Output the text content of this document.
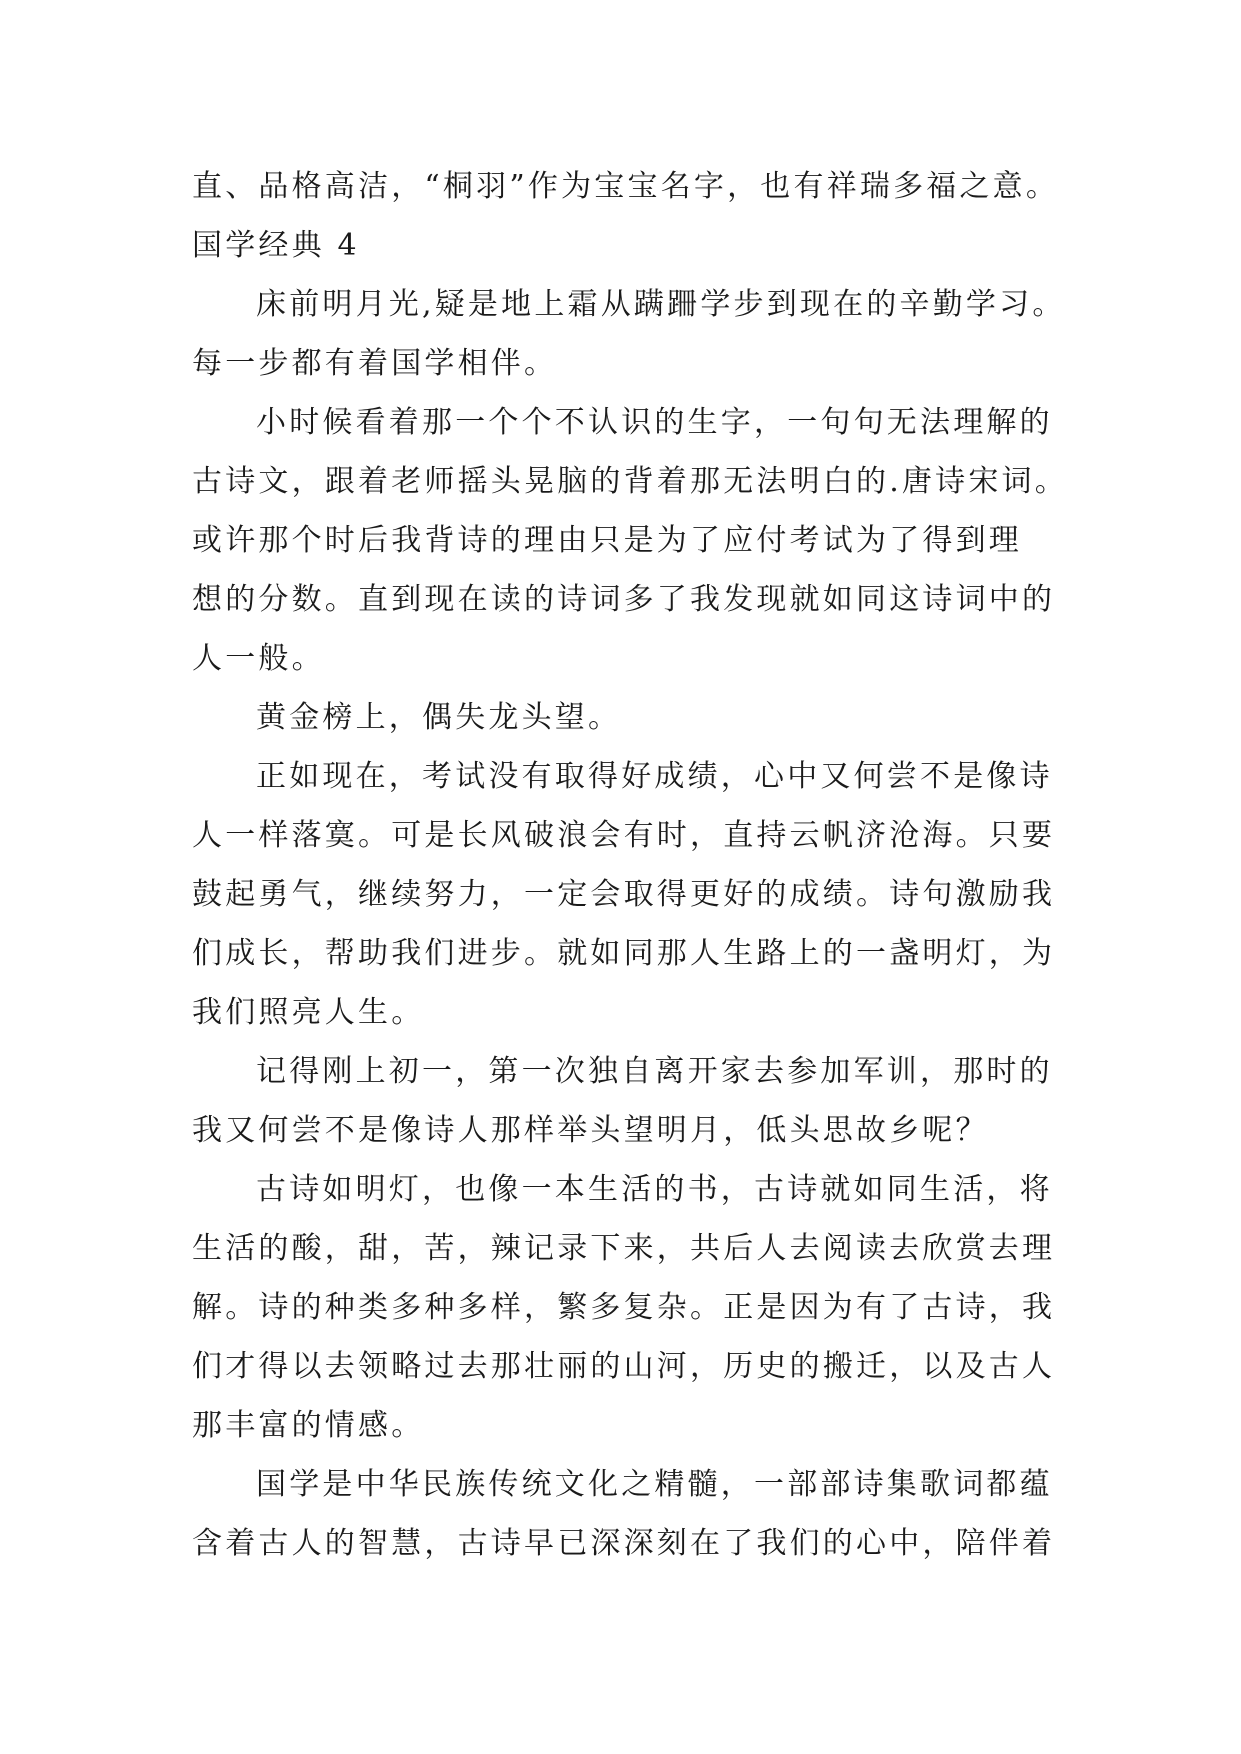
直、品格高洁，“桐羽”作为宝宝名字，也有祥瑞多福之意。
国学经典 4
床前明月光,疑是地上霜从蹒跚学步到现在的辛勤学习。
每一步都有着国学相伴。
小时候看着那一个个不认识的生字，一句句无法理解的
古诗文，跟着老师摇头晃脑的背着那无法明白的.唐诗宋词。
或许那个时后我背诗的理由只是为了应付考试为了得到理
想的分数。直到现在读的诗词多了我发现就如同这诗词中的
人一般。
黄金榜上，偶失龙头望。
正如现在，考试没有取得好成绩，心中又何尝不是像诗
人一样落寞。可是长风破浪会有时，直持云帆济沧海。只要
鼓起勇气，继续努力，一定会取得更好的成绩。诗句激励我
们成长，帮助我们进步。就如同那人生路上的一盏明灯，为
我们照亮人生。
记得刚上初一，第一次独自离开家去参加军训，那时的
我又何尝不是像诗人那样举头望明月，低头思故乡呢？
古诗如明灯，也像一本生活的书，古诗就如同生活，将
生活的酸，甜，苦，辣记录下来，共后人去阅读去欣赏去理
解。诗的种类多种多样，繁多复杂。正是因为有了古诗，我
们才得以去领略过去那壮丽的山河，历史的搬迁，以及古人
那丰富的情感。
国学是中华民族传统文化之精髓，一部部诗集歌词都蕴
含着古人的智慧，古诗早已深深刻在了我们的心中，陪伴着
